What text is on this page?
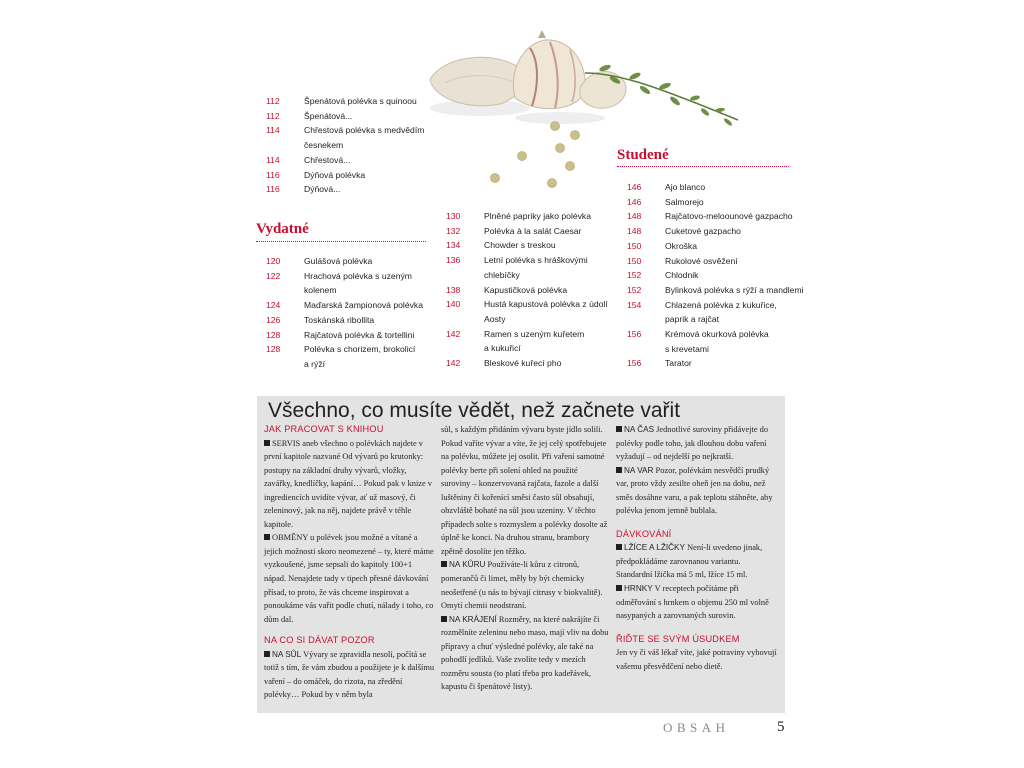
112	Špenátová polévka s quinoou
112	Špenátová...
114	Chřestová polévka s medvědím
česnekem
114	Chřestová...
116	Dýňová polévka
116	Dýňová...
Vydatné
120	Gulášová polévka
122	Hrachová polévka s uzeným
kolenem
124	Maďarská žampionová polévka
126	Toskánská ribollita
128	Rajčatová polévka & tortellini
128	Polévka s chorizem, brokolicí
a rýží
130	Plněné papriky jako polévka
132	Polévka à la salát Caesar
134	Chowder s treskou
136	Letní polévka s hráškovými
chlebíčky
138	Kapustičková polévka
140	Hustá kapustová polévka z údolí
Aosty
142	Ramen s uzeným kuřetem
a kukuřicí
142	Bleskové kuřecí pho
Studené
146	Ajo blanco
146	Salmorejo
148	Rajčatovo-meloounové gazpacho
148	Cuketové gazpacho
150	Okroška
150	Rukolové osvěžení
152	Chlodnik
152	Bylinková polévka s rýží a mandlemi
154	Chlazená polévka z kukuřice,
paprik a rajčat
156	Krémová okurková polévka
s krevetami
156	Tarator
Všechno, co musíte vědět, než začnete vařit

JAK PRACOVAT S KNIHOU

SERVIS aneb všechno o polévkách najdete v první kapitole nazvané Od vývarů po krutonky: postupy na základní druhy vývarů, vložky, zavářky, knedlíčky, kapání… Pokud pak v knize v ingrediencích uvidíte vývar, ať už masový, či zeleninový, jak na něj, najdete právě v téhle kapitole.

OBMĚNY u polévek jsou možné a vítané a jejich možnosti skoro neomezené – ty, které máme vyzkoušené, jsme sepsali do kapitoly 100+1 nápad. Nenajdete tady v tipech přesné dávkování přísad, to proto, že vás chceme inspirovat a ponoukáme vás vařit podle chutí, nálady i toho, co dům dal.

NA CO SI DÁVAT POZOR

NA SŮL Vývary se zpravidla nesolí, počítá se totiž s tím, že vám zbudou a použijete je k dalšímu vaření – do omáček, do rizota, na zředění polévky… Pokud by v něm byla

sůl, s každým přidáním vývaru byste jídlo solili. Pokud vaříte vývar a víte, že jej celý spotřebujete na polévku, můžete jej osolit. Při vaření samotné polévky berte při solení ohled na použité suroviny – konzervovaná rajčata, fazole a další luštěniny či kořenící směsi často sůl obsahují, obzvláště bohaté na sůl jsou uzeniny. V těchto případech solte s rozmyslem a polévky dosolte až úplně ke konci. Na druhou stranu, brambory zpětně dosolíte jen těžko.

NA KŮRU Používáte-li kůru z citronů, pomerančů či limet, měly by být chemicky neošetřené (u nás to bývají citrusy v biokvalitě). Omytí chemii neodstraní.

NA KRÁJENÍ Rozměry, na které nakrájíte či rozmělníte zeleninu nebo maso, mají vliv na dobu přípravy a chuť výsledné polévky, ale také na pohodlí jedlíků. Vaše zvolíte tedy v mezích rozměru sousta (to platí třeba pro kadeřávek, kapustu či špenátové listy).

NA ČAS Jednotlivé suroviny přidávejte do polévky podle toho, jak dlouhou dobu vaření vyžadují – od nejdelší po nejkratší.

NA VAR Pozor, polévkám nesvědčí prudký var, proto vždy zesilte oheň jen na dobu, než směs dosáhne varu, a pak teplotu stáhněte, aby polévka jenom jemně bublala.

DÁVKOVÁNÍ

LŽÍCE A LŽIČKY Není-li uvedeno jinak, předpokládáme zarovnanou variantu. Standardní lžička má 5 ml, lžíce 15 ml.

HRNKY V receptech počítáme při odměřování s hrnkem o objemu 250 ml volně nasypaných a zarovnaných surovin.

ŘIĎTE SE SVÝM ÚSUDKEM

Jen vy či váš lékař víte, jaké potraviny vyhovují vašemu přesvědčení nebo dietě.

OBSAH	5
